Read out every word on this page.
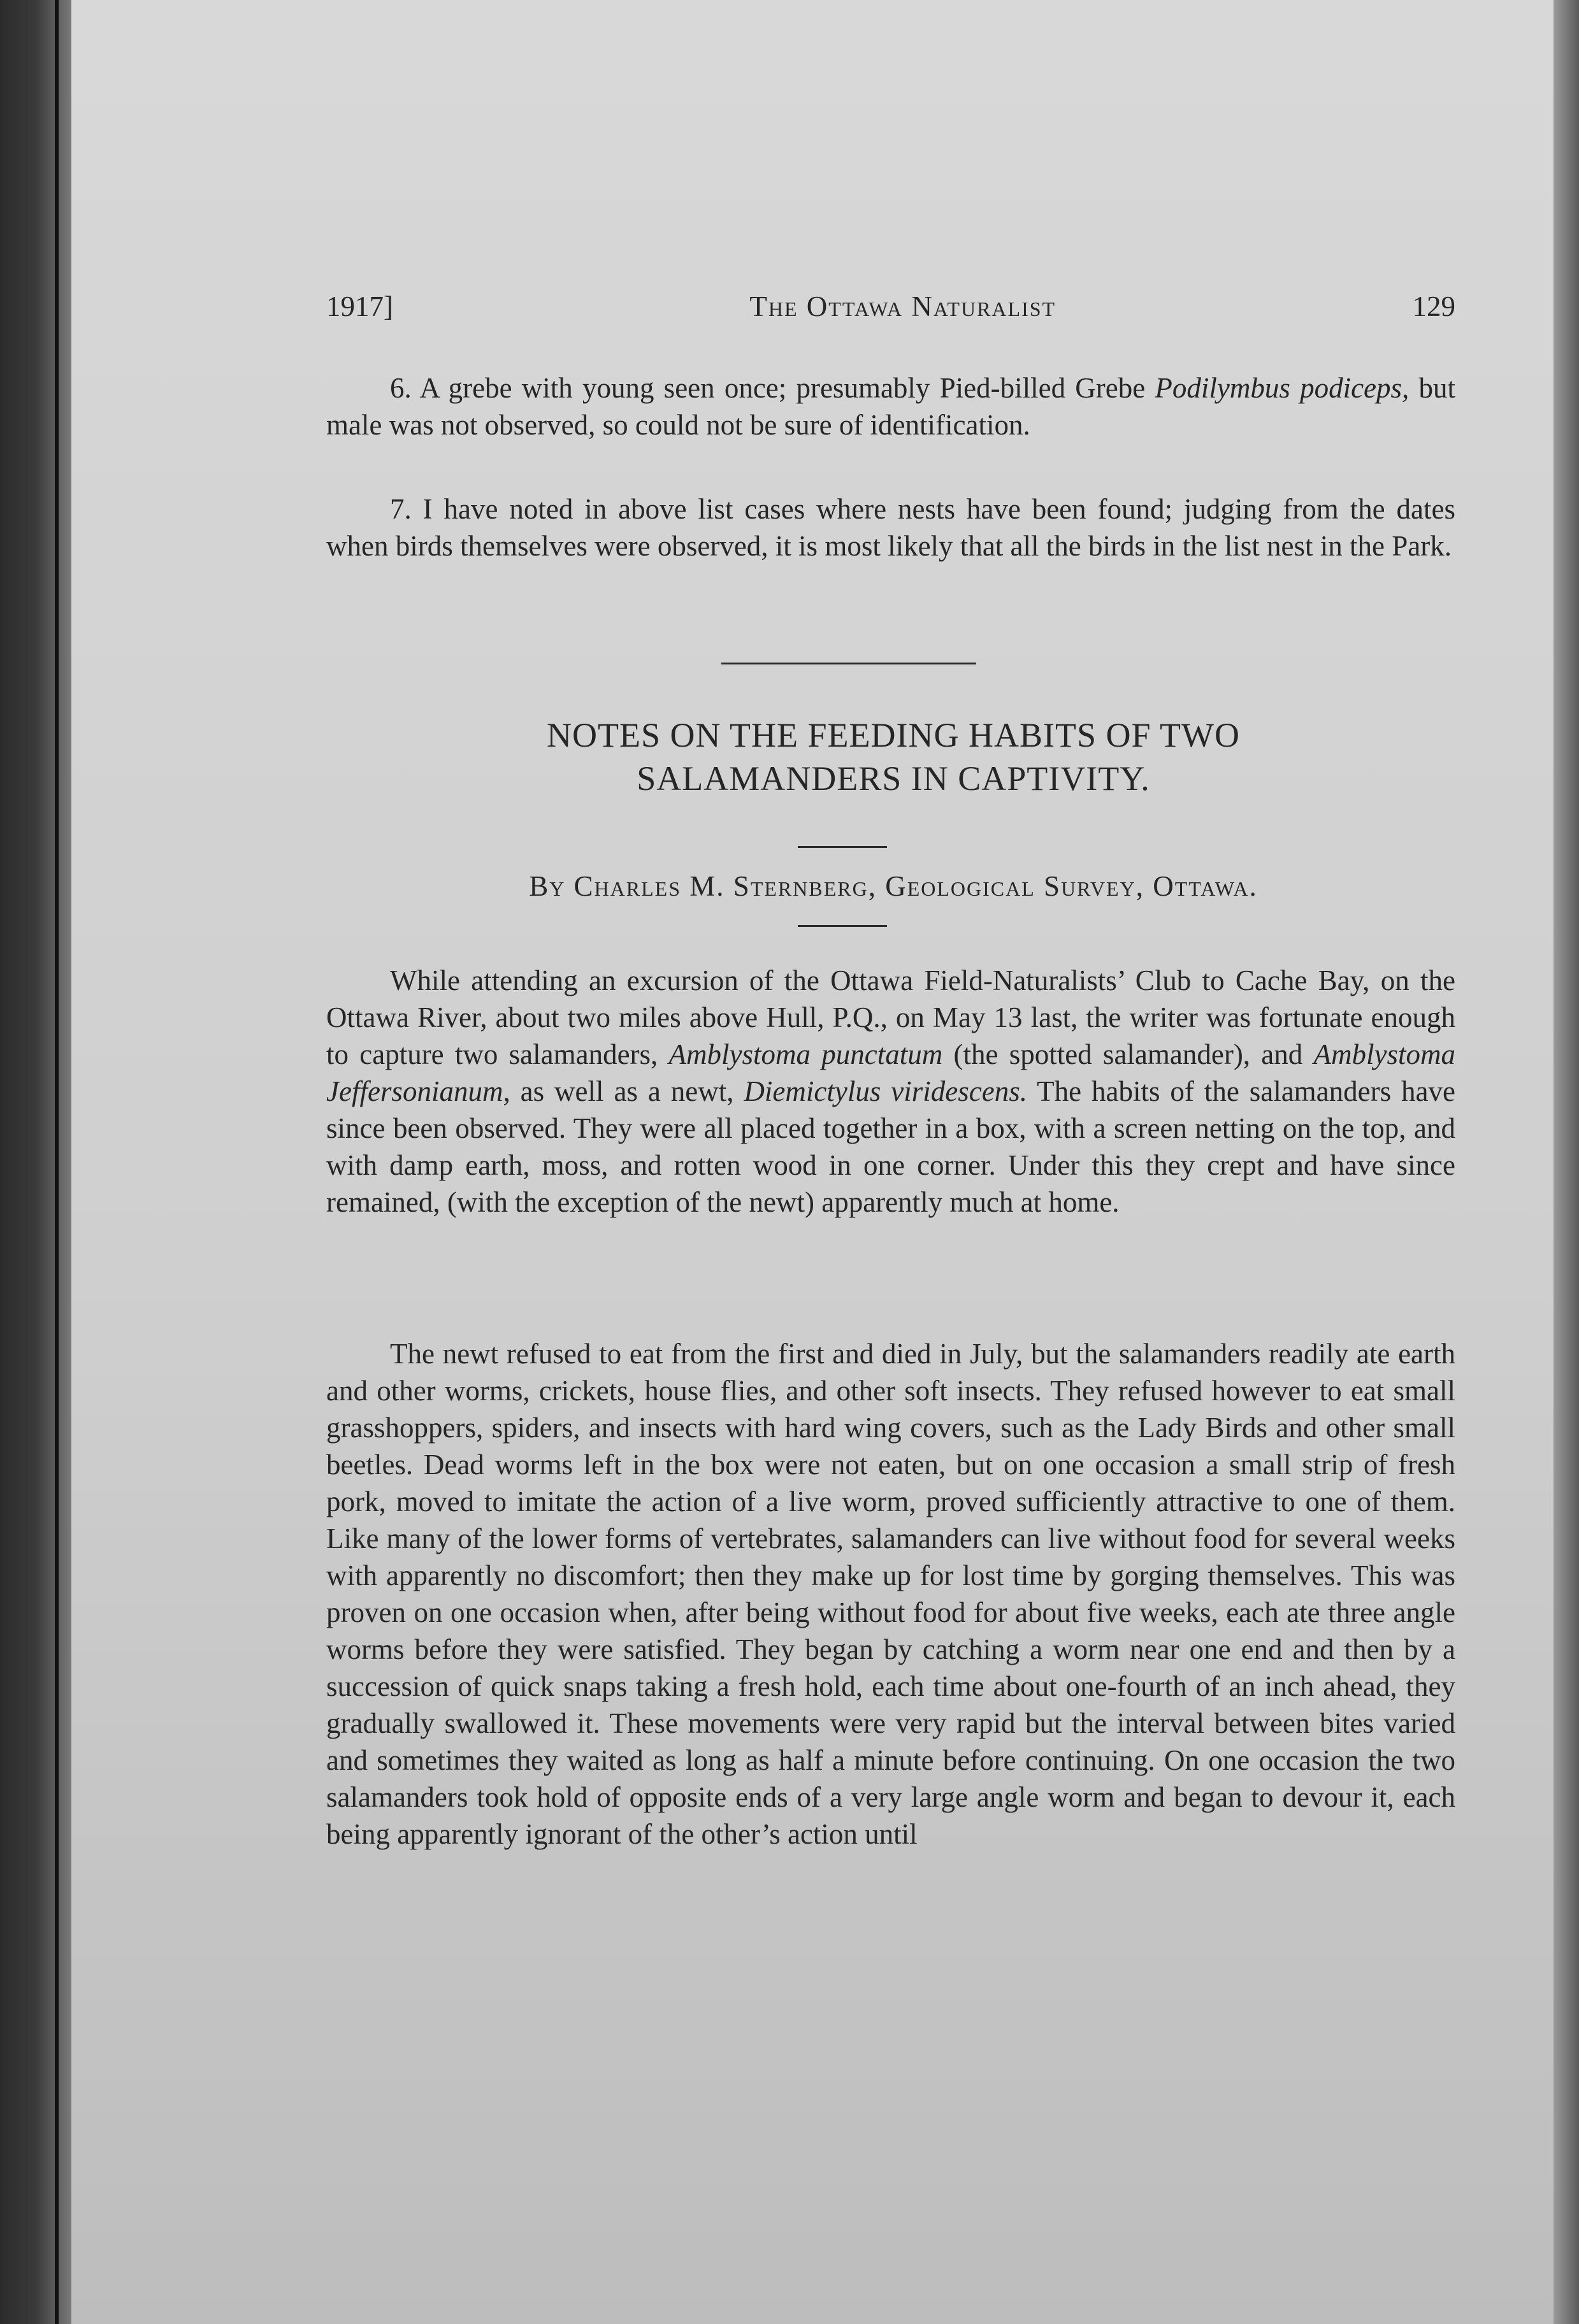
1917]	The Ottawa Naturalist	129

6. A grebe with young seen once; presumably Pied-billed Grebe Podilymbus podiceps, but male was not observed, so could not be sure of identification.

7. I have noted in above list cases where nests have been found; judging from the dates when birds themselves were observed, it is most likely that all the birds in the list nest in the Park.

NOTES ON THE FEEDING HABITS OF TWO
SALAMANDERS IN CAPTIVITY.
By Charles M. Sternberg, Geological Survey, Ottawa.

While attending an excursion of the Ottawa Field-Naturalists’ Club to Cache Bay, on the Ottawa River, about two miles above Hull, P.Q., on May 13 last, the writer was fortunate enough to capture two salamanders, Amblystoma punctatum (the spotted salamander), and Amblystoma Jeffersonianum, as well as a newt, Diemictylus viridescens. The habits of the salamanders have since been observed. They were all placed together in a box, with a screen netting on the top, and with damp earth, moss, and rotten wood in one corner. Under this they crept and have since remained, (with the exception of the newt) apparently much at home.

The newt refused to eat from the first and died in July, but the salamanders readily ate earth and other worms, crickets, house flies, and other soft insects. They refused however to eat small grasshoppers, spiders, and insects with hard wing covers, such as the Lady Birds and other small beetles. Dead worms left in the box were not eaten, but on one occasion a small strip of fresh pork, moved to imitate the action of a live worm, proved sufficiently attractive to one of them. Like many of the lower forms of vertebrates, salamanders can live without food for several weeks with apparently no discomfort; then they make up for lost time by gorging themselves. This was proven on one occasion when, after being without food for about five weeks, each ate three angle worms before they were satisfied. They began by catching a worm near one end and then by a succession of quick snaps taking a fresh hold, each time about one-fourth of an inch ahead, they gradually swallowed it. These movements were very rapid but the interval between bites varied and sometimes they waited as long as half a minute before continuing. On one occasion the two salamanders took hold of opposite ends of a very large angle worm and began to devour it, each being apparently ignorant of the other’s action until
